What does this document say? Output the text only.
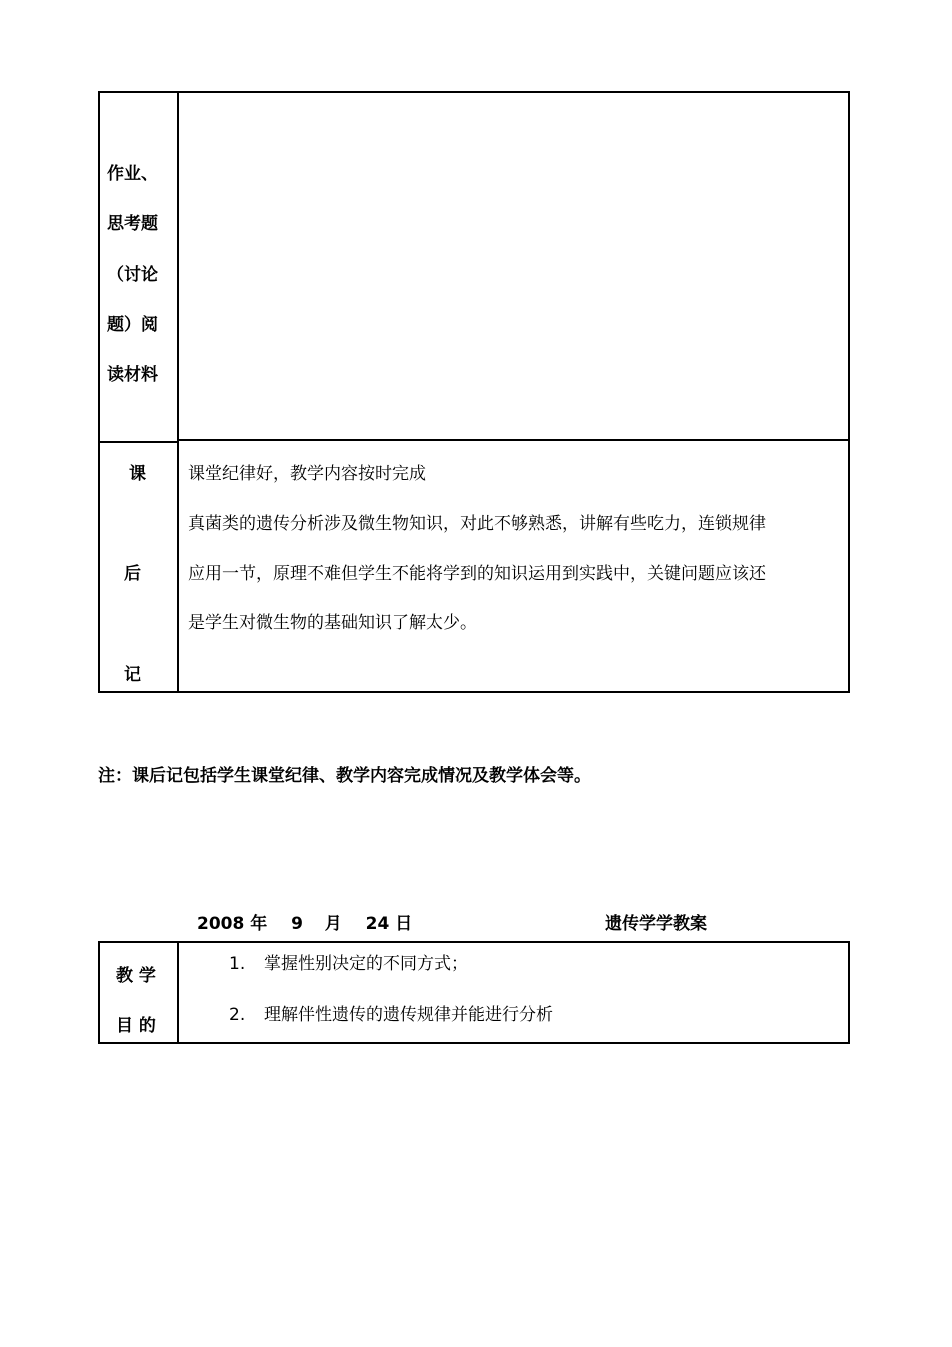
作业、
思考题
（讨论
题）阅
读材料
课
后
记
课堂纪律好，教学内容按时完成
真菌类的遗传分析涉及微生物知识，对此不够熟悉，讲解有些吃力，连锁规律
应用一节，原理不难但学生不能将学到的知识运用到实践中，关键问题应该还
是学生对微生物的基础知识了解太少。
注：课后记包括学生课堂纪律、教学内容完成情况及教学体会等。
2008 年 9 月 24 日	遗传学学教案
教 学
目 的
1. 掌握性别决定的不同方式；
2. 理解伴性遗传的遗传规律并能进行分析
